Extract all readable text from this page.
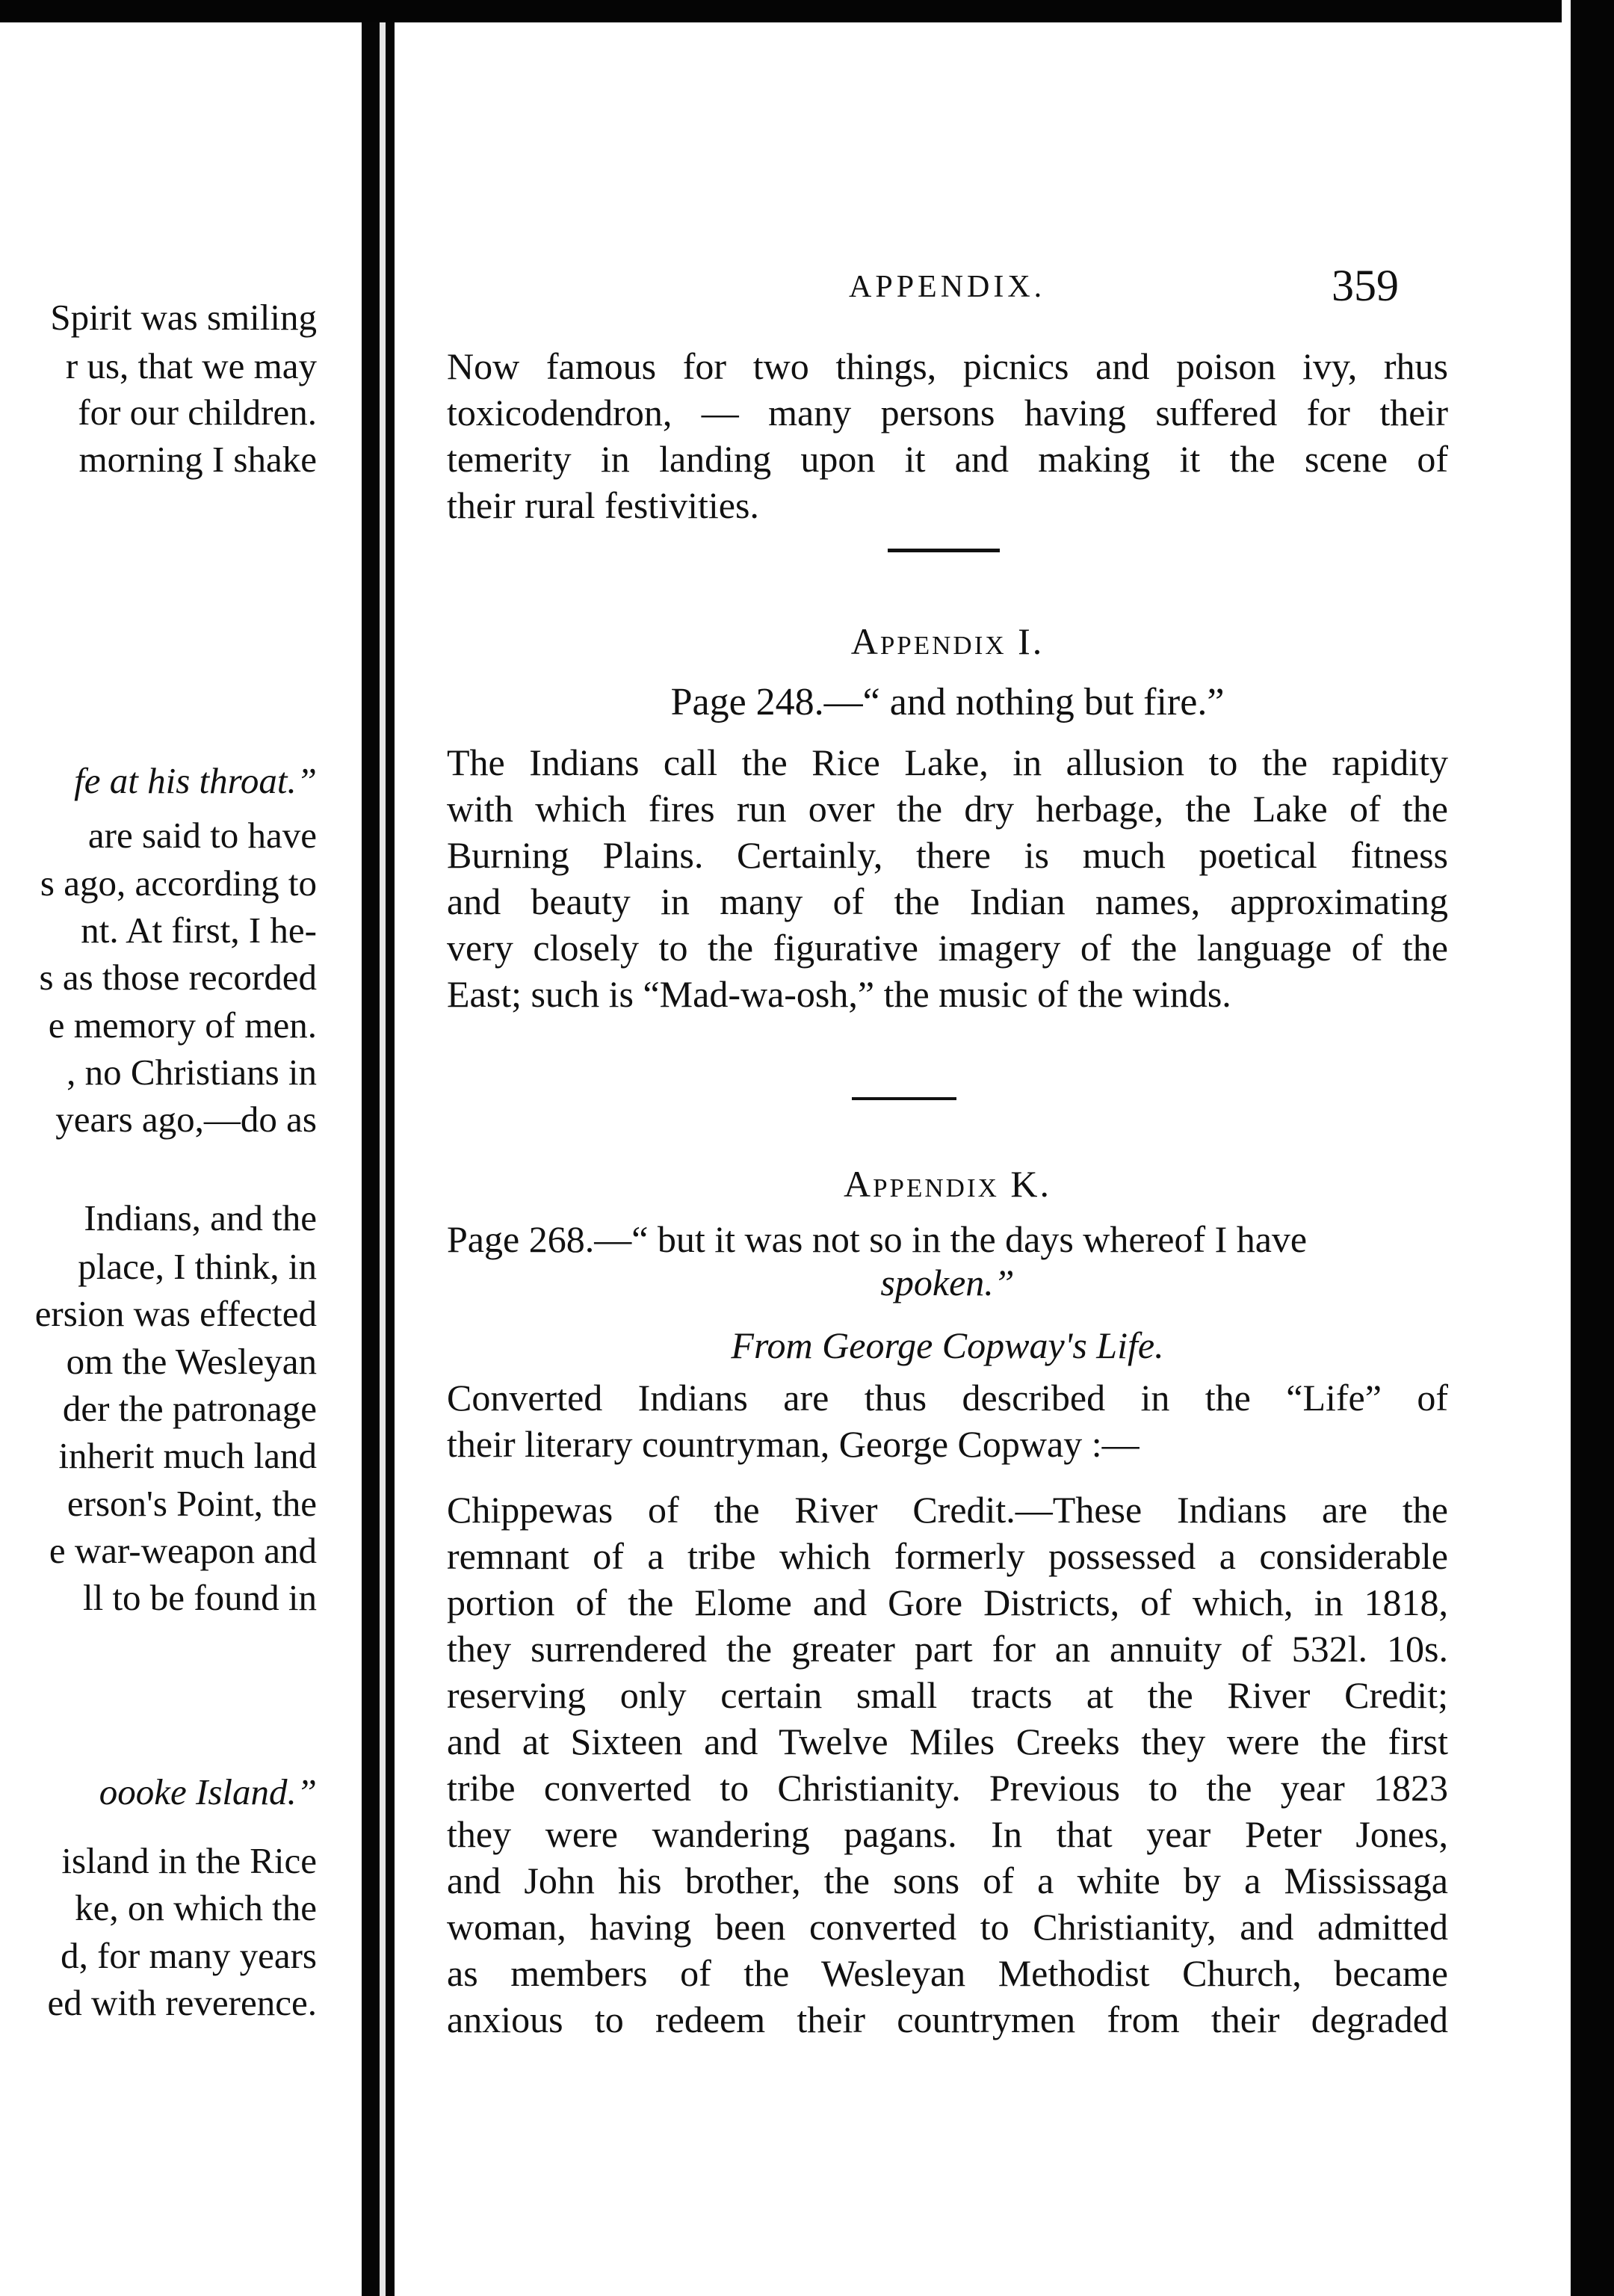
Spirit was smiling
r us, that we may
for our children.
morning I shake
fe at his throat.”
are said to have
s ago, according to
nt. At first, I he-
s as those recorded
e memory of men.
, no Christians in
years ago,—do as
Indians, and the
place, I think, in
ersion was effected
om the Wesleyan
der the patronage
inherit much land
erson's Point, the
e war-weapon and
ll to be found in
oooke Island.”
island in the Rice
ke, on which the
d, for many years
ed with reverence.
APPENDIX.	359
Now famous for two things, picnics and poison ivy, rhus
toxicodendron, — many persons having suffered for their
temerity in landing upon it and making it the scene of
their rural festivities.
Appendix I.
Page 248.—“ and nothing but fire.”
The Indians call the Rice Lake, in allusion to the rapidity
with which fires run over the dry herbage, the Lake of the
Burning Plains. Certainly, there is much poetical fitness
and beauty in many of the Indian names, approximating
very closely to the figurative imagery of the language of the
East; such is “Mad-wa-osh,” the music of the winds.
Appendix K.
Page 268.—“ but it was not so in the days whereof I have
spoken.”
From George Copway's Life.
Converted Indians are thus described in the “Life” of
their literary countryman, George Copway :—
Chippewas of the River Credit.—These Indians are the
remnant of a tribe which formerly possessed a considerable
portion of the Elome and Gore Districts, of which, in 1818,
they surrendered the greater part for an annuity of 532l. 10s.
reserving only certain small tracts at the River Credit;
and at Sixteen and Twelve Miles Creeks they were the first
tribe converted to Christianity. Previous to the year 1823
they were wandering pagans. In that year Peter Jones,
and John his brother, the sons of a white by a Mississaga
woman, having been converted to Christianity, and admitted
as members of the Wesleyan Methodist Church, became
anxious to redeem their countrymen from their degraded
